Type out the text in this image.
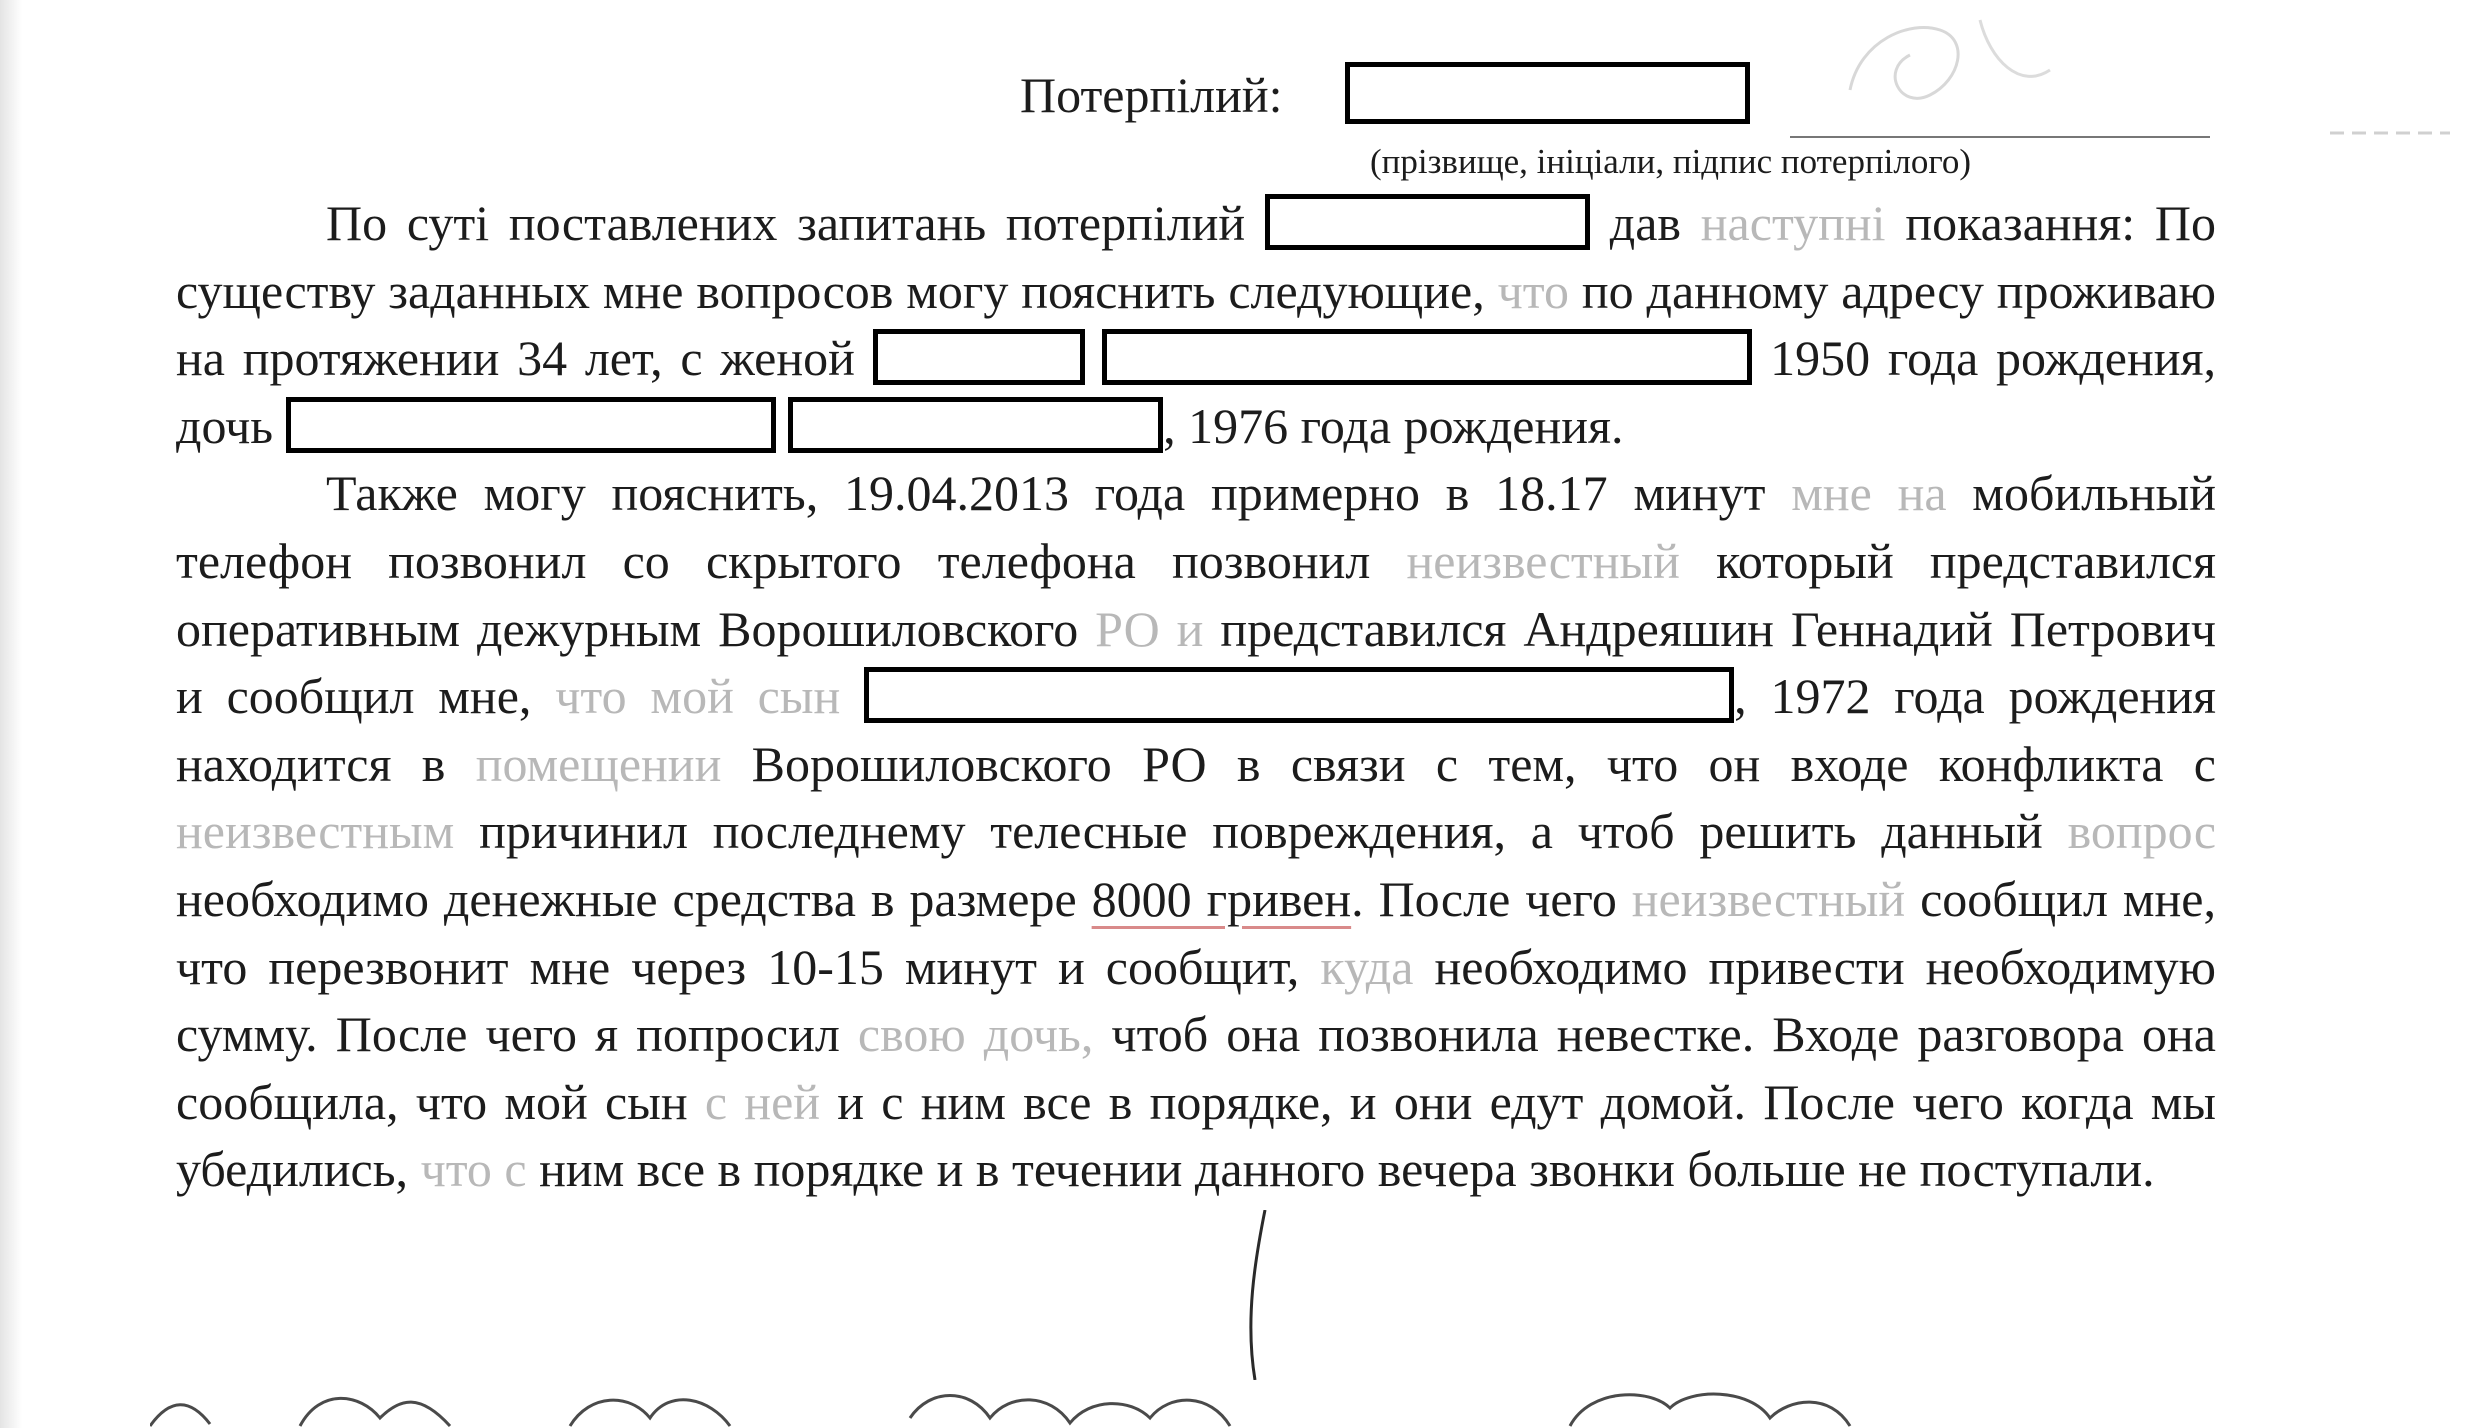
Потерпілий:
(прізвище, ініціали, підпис потерпілого)

По суті поставлених запитань потерпілий	дав наступні показання: По существу заданных мне вопросов могу пояснить следующие, что по данному адресу проживаю на протяжении 34 лет, с женой	1950 года рождения, дочь	, 1976 года рождения.

Также могу пояснить, 19.04.2013 года примерно в 18.17 минут мне на мобильный телефон позвонил со скрытого телефона позвонил неизвестный который представился оперативным дежурным Ворошиловского РО и представился Андреяшин Геннадий Петрович и сообщил мне, что мой сын	, 1972 года рождения находится в помещении Ворошиловского РО в связи с тем, что он входе конфликта с неизвестным причинил последнему телесные повреждения, а чтоб решить данный вопрос необходимо денежные средства в размере 8000 гривен. После чего неизвестный сообщил мне, что перезвонит мне через 10-15 минут и сообщит, куда необходимо привести необходимую сумму. После чего я попросил свою дочь, чтоб она позвонила невестке. Входе разговора она сообщила, что мой сын с ней и с ним все в порядке, и они едут домой. После чего когда мы убедились, что с ним все в порядке и в течении данного вечера звонки больше не поступали.
